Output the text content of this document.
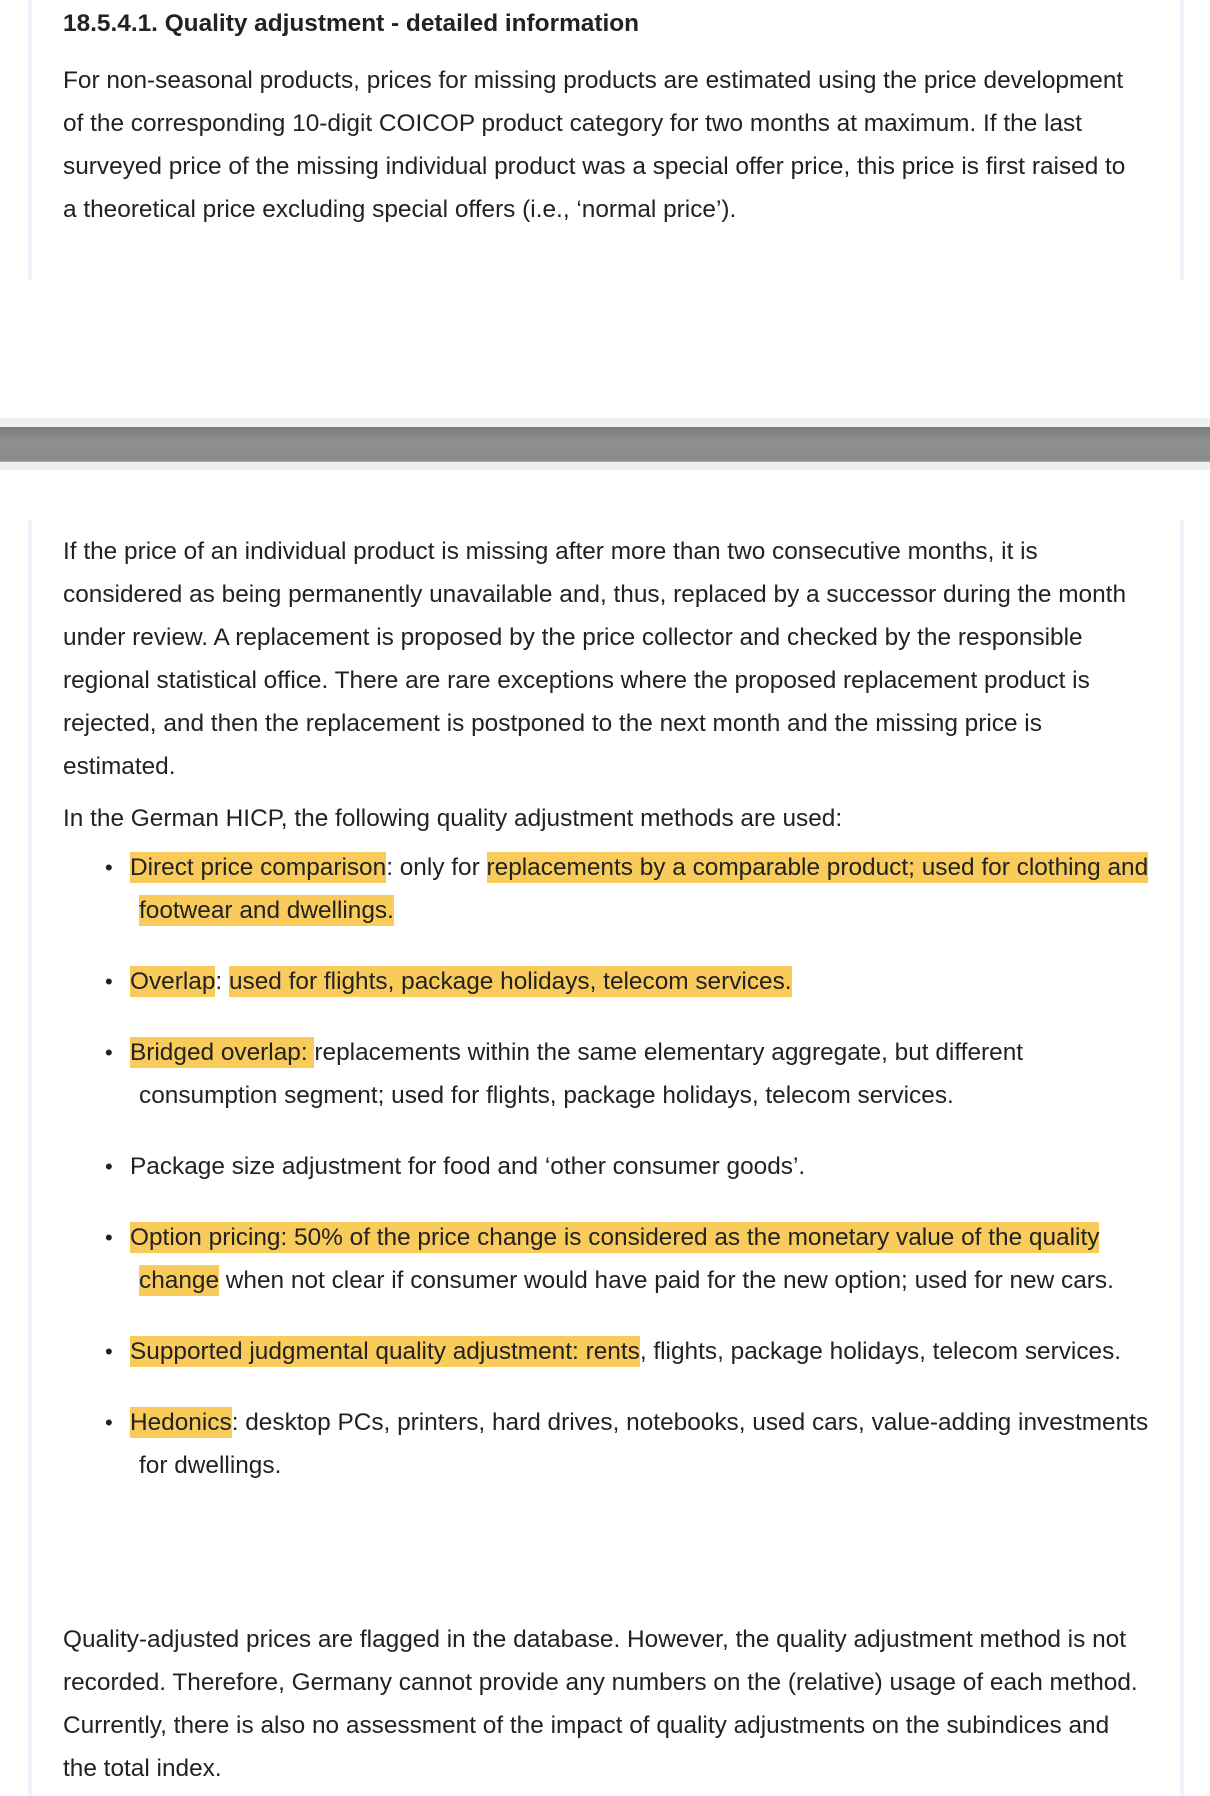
18.5.4.1. Quality adjustment - detailed information

For non-seasonal products, prices for missing products are estimated using the price development of the corresponding 10-digit COICOP product category for two months at maximum. If the last surveyed price of the missing individual product was a special offer price, this price is first raised to a theoretical price excluding special offers (i.e., ‘normal price’).

If the price of an individual product is missing after more than two consecutive months, it is considered as being permanently unavailable and, thus, replaced by a successor during the month under review. A replacement is proposed by the price collector and checked by the responsible regional statistical office. There are rare exceptions where the proposed replacement product is rejected, and then the replacement is postponed to the next month and the missing price is estimated.

In the German HICP, the following quality adjustment methods are used:

• Direct price comparison: only for replacements by a comparable product; used for clothing and footwear and dwellings.
• Overlap: used for flights, package holidays, telecom services.
• Bridged overlap: replacements within the same elementary aggregate, but different consumption segment; used for flights, package holidays, telecom services.
• Package size adjustment for food and ‘other consumer goods’.
• Option pricing: 50% of the price change is considered as the monetary value of the quality change when not clear if consumer would have paid for the new option; used for new cars.
• Supported judgmental quality adjustment: rents, flights, package holidays, telecom services.
• Hedonics: desktop PCs, printers, hard drives, notebooks, used cars, value-adding investments for dwellings.

Quality-adjusted prices are flagged in the database. However, the quality adjustment method is not recorded. Therefore, Germany cannot provide any numbers on the (relative) usage of each method. Currently, there is also no assessment of the impact of quality adjustments on the subindices and the total index.
